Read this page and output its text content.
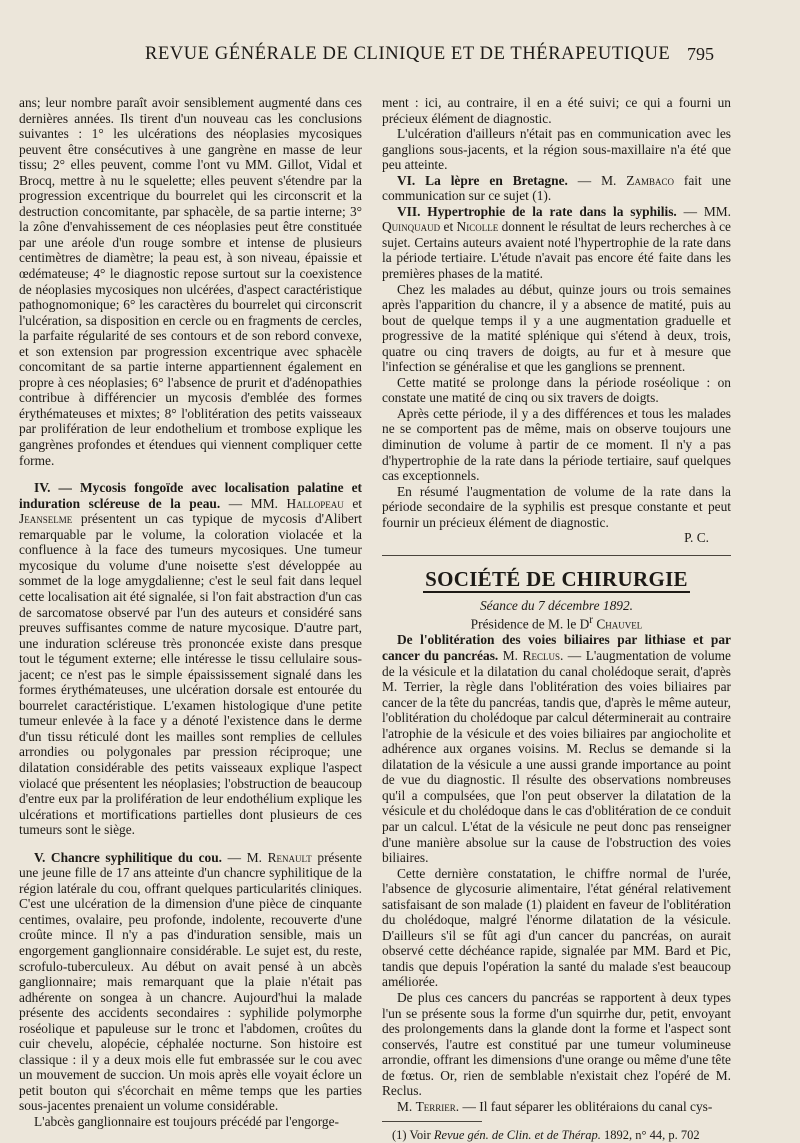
REVUE GÉNÉRALE DE CLINIQUE ET DE THÉRAPEUTIQUE 795

ans; leur nombre paraît avoir sensiblement augmenté dans ces dernières années. Ils tirent d'un nouveau cas les conclusions suivantes : 1° les ulcérations des néoplasies mycosiques peuvent être consécutives à une gangrène en masse de leur tissu; 2° elles peuvent, comme l'ont vu MM. Gillot, Vidal et Brocq, mettre à nu le squelette; elles peuvent s'étendre par la progression excentrique du bourrelet qui les circonscrit et la destruction concomitante, par sphacèle, de sa partie interne; 3° la zône d'envahissement de ces néoplasies peut être constituée par une aréole d'un rouge sombre et intense de plusieurs centimètres de diamètre; la peau est, à son niveau, épaissie et œdémateuse; 4° le diagnostic repose surtout sur la coexistence de néoplasies mycosiques non ulcérées, d'aspect caractéristique pathognomonique; 6° les caractères du bourrelet qui circonscrit l'ulcération, sa disposition en cercle ou en fragments de cercles, la parfaite régularité de ses contours et de son rebord convexe, et son extension par progression excentrique avec sphacèle concomitant de sa partie interne appartiennent également en propre à ces néoplasies; 6° l'absence de prurit et d'adénopathies contribue à différencier un mycosis d'emblée des formes érythémateuses et mixtes; 8° l'oblitération des petits vaisseaux par prolifération de leur endothelium et trombose explique les gangrènes profondes et étendues qui viennent compliquer cette forme.

IV. — Mycosis fongoïde avec localisation palatine et induration scléreuse de la peau. — MM. Hallopeau et Jeanselme présentent un cas typique de mycosis d'Alibert remarquable par le volume, la coloration violacée et la confluence à la face des tumeurs mycosiques. Une tumeur mycosique du volume d'une noisette s'est développée au sommet de la loge amygdalienne; c'est le seul fait dans lequel cette localisation ait été signalée, si l'on fait abstraction d'un cas de sarcomatose observé par l'un des auteurs et considéré sans preuves suffisantes comme de nature mycosique. D'autre part, une induration scléreuse très prononcée existe dans presque tout le tégument externe; elle intéresse le tissu cellulaire sous-jacent; ce n'est pas le simple épaississement signalé dans les formes érythémateuses, une ulcération dorsale est entourée du bourrelet caractéristique. L'examen histologique d'une petite tumeur enlevée à la face y a dénoté l'existence dans le derme d'un tissu réticulé dont les mailles sont remplies de cellules arrondies ou polygonales par pression réciproque; une dilatation considérable des petits vaisseaux explique l'aspect violacé que présentent les néoplasies; l'obstruction de beaucoup d'entre eux par la prolifération de leur endothélium explique les ulcérations et mortifications partielles dont plusieurs de ces tumeurs sont le siège.

V. Chancre syphilitique du cou. — M. Renault présente une jeune fille de 17 ans atteinte d'un chancre syphilitique de la région latérale du cou, offrant quelques particularités cliniques. C'est une ulcération de la dimension d'une pièce de cinquante centimes, ovalaire, peu profonde, indolente, recouverte d'une croûte mince. Il n'y a pas d'induration sensible, mais un engorgement ganglionnaire considérable. Le sujet est, du reste, scrofulo-tuberculeux. Au début on avait pensé à un abcès ganglionnaire; mais remarquant que la plaie n'était pas adhérente on songea à un chancre. Aujourd'hui la malade présente des accidents secondaires : syphilide polymorphe roséolique et papuleuse sur le tronc et l'abdomen, croûtes du cuir chevelu, alopécie, céphalée nocturne. Son histoire est classique : il y a deux mois elle fut embrassée sur le cou avec un mouvement de succion. Un mois après elle voyait éclore un petit bouton qui s'écorchait en même temps que les parties sous-jacentes prenaient un volume considérable.

L'abcès ganglionnaire est toujours précédé par l'engorge-

ment : ici, au contraire, il en a été suivi; ce qui a fourni un précieux élément de diagnostic.

L'ulcération d'ailleurs n'était pas en communication avec les ganglions sous-jacents, et la région sous-maxillaire n'a été que peu atteinte.

VI. La lèpre en Bretagne. — M. Zambaco fait une communication sur ce sujet (1).

VII. Hypertrophie de la rate dans la syphilis. — MM. Quinquaud et Nicolle donnent le résultat de leurs recherches à ce sujet. Certains auteurs avaient noté l'hypertrophie de la rate dans la période tertiaire. L'étude n'avait pas encore été faite dans les premières phases de la matité.

Chez les malades au début, quinze jours ou trois semaines après l'apparition du chancre, il y a absence de matité, puis au bout de quelque temps il y a une augmentation graduelle et progressive de la matité splénique qui s'étend à deux, trois, quatre ou cinq travers de doigts, au fur et à mesure que l'infection se généralise et que les ganglions se prennent.

Cette matité se prolonge dans la période roséolique : on constate une matité de cinq ou six travers de doigts.

Après cette période, il y a des différences et tous les malades ne se comportent pas de même, mais on observe toujours une diminution de volume à partir de ce moment. Il n'y a pas d'hypertrophie de la rate dans la période tertiaire, sauf quelques cas exceptionnels.

En résumé l'augmentation de volume de la rate dans la période secondaire de la syphilis est presque constante et peut fournir un précieux élément de diagnostic.

P. C.

SOCIÉTÉ DE CHIRURGIE

Séance du 7 décembre 1892.

Présidence de M. le $D^r$ Chauvel

De l'oblitération des voies biliaires par lithiase et par cancer du pancréas. M. Reclus. — L'augmentation de volume de la vésicule et la dilatation du canal cholédoque serait, d'après M. Terrier, la règle dans l'oblitération des voies biliaires par cancer de la tête du pancréas, tandis que, d'après le même auteur, l'oblitération du cholédoque par calcul déterminerait au contraire l'atrophie de la vésicule et des voies biliaires par angiocholite et adhérence aux organes voisins. M. Reclus se demande si la dilatation de la vésicule a une aussi grande importance au point de vue du diagnostic. Il résulte des observations nombreuses qu'il a compulsées, que l'on peut observer la dilatation de la vésicule et du cholédoque dans le cas d'oblitération de ce conduit par un calcul. L'état de la vésicule ne peut donc pas renseigner d'une manière absolue sur la cause de l'obstruction des voies biliaires.

Cette dernière constatation, le chiffre normal de l'urée, l'absence de glycosurie alimentaire, l'état général relativement satisfaisant de son malade (1) plaident en faveur de l'oblitération du cholédoque, malgré l'énorme dilatation de la vésicule. D'ailleurs s'il se fût agi d'un cancer du pancréas, on aurait observé cette déchéance rapide, signalée par MM. Bard et Pic, tandis que depuis l'opération la santé du malade s'est beaucoup améliorée.

De plus ces cancers du pancréas se rapportent à deux types l'un se présente sous la forme d'un squirrhe dur, petit, envoyant des prolongements dans la glande dont la forme et l'aspect sont conservés, l'autre est constitué par une tumeur volumineuse arrondie, offrant les dimensions d'une orange ou même d'une tête de fœtus. Or, rien de semblable n'existait chez l'opéré de M. Reclus.

M. Terrier. — Il faut séparer les oblitéraions du canal cys-

(1) Voir Revue gén. de Clin. et de Thérap. 1892, n° 44, p. 702
